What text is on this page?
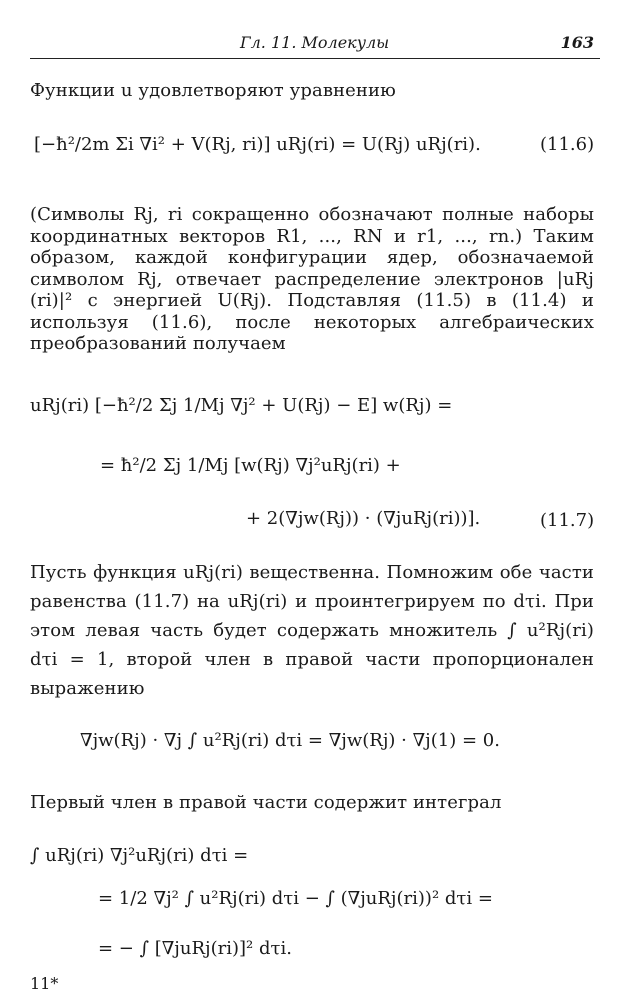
Гл. 11. Молекулы	163
Функции u удовлетворяют уравнению
[−ħ²/2m Σi ∇i² + V(Rj, ri)] uRj(ri) = U(Rj) uRj(ri).	(11.6)
(Символы Rj, ri сокращенно обозначают полные наборы координатных векторов R1, ..., RN и r1, ..., rn.) Таким образом, каждой конфигурации ядер, обозначаемой символом Rj, отвечает распределение электронов |uRj (ri)|² с энергией U(Rj). Подставляя (11.5) в (11.4) и используя (11.6), после некоторых алгебраических преобразований получаем
uRj(ri) [−ħ²/2 Σj 1/Mj ∇j² + U(Rj) − E] w(Rj) =
= ħ²/2 Σj 1/Mj [w(Rj) ∇j²uRj(ri) +
+ 2(∇jw(Rj)) · (∇juRj(ri))].	(11.7)
Пусть функция uRj(ri) вещественна. Помножим обе части равенства (11.7) на uRj(ri) и проинтегрируем по dτi. При этом левая часть будет содержать множитель ∫ u²Rj(ri) dτi = 1, второй член в правой части пропорционален выражению
∇jw(Rj) · ∇j ∫ u²Rj(ri) dτi = ∇jw(Rj) · ∇j(1) = 0.
Первый член в правой части содержит интеграл
∫ uRj(ri) ∇j²uRj(ri) dτi =
= 1/2 ∇j² ∫ u²Rj(ri) dτi − ∫ (∇juRj(ri))² dτi =
= − ∫ [∇juRj(ri)]² dτi.
11*
